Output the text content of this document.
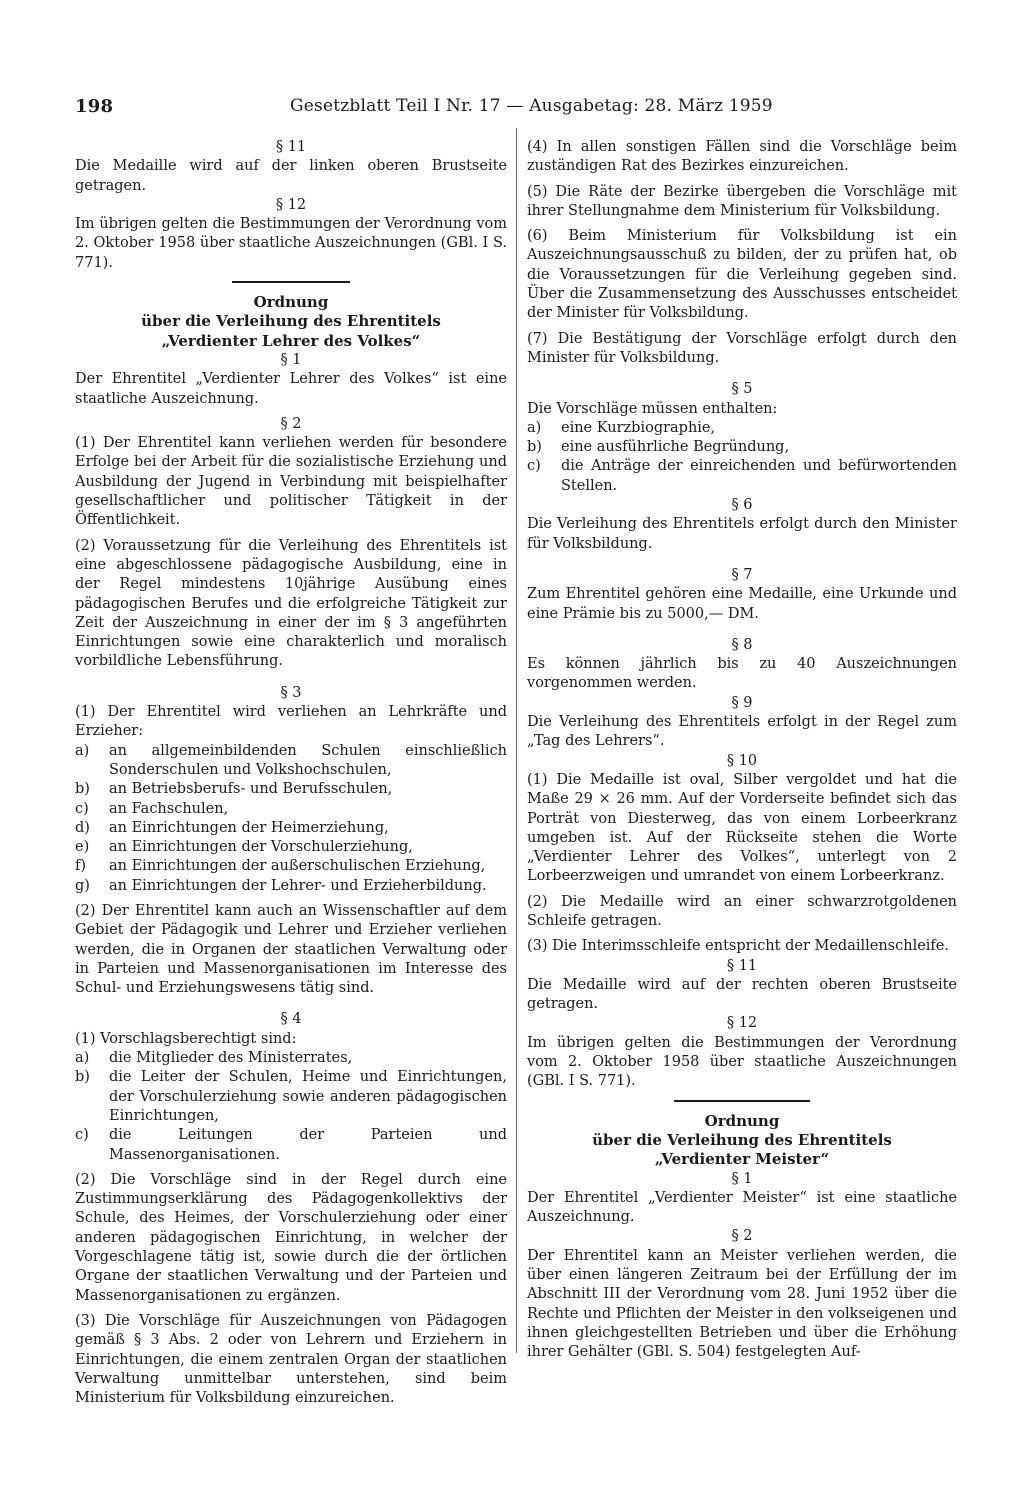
198	Gesetzblatt Teil I Nr. 17 — Ausgabetag: 28. März 1959

§ 11

Die Medaille wird auf der linken oberen Brustseite getragen.

§ 12

Im übrigen gelten die Bestimmungen der Verordnung vom 2. Oktober 1958 über staatliche Auszeichnungen (GBl. I S. 771).

Ordnung

über die Verleihung des Ehrentitels

„Verdienter Lehrer des Volkes“

§ 1

Der Ehrentitel „Verdienter Lehrer des Volkes“ ist eine staatliche Auszeichnung.

§ 2

(1) Der Ehrentitel kann verliehen werden für besondere Erfolge bei der Arbeit für die sozialistische Erziehung und Ausbildung der Jugend in Verbindung mit beispielhafter gesellschaftlicher und politischer Tätigkeit in der Öffentlichkeit.

(2) Voraussetzung für die Verleihung des Ehrentitels ist eine abgeschlossene pädagogische Ausbildung, eine in der Regel mindestens 10jährige Ausübung eines pädagogischen Berufes und die erfolgreiche Tätigkeit zur Zeit der Auszeichnung in einer der im § 3 angeführten Einrichtungen sowie eine charakterlich und moralisch vorbildliche Lebensführung.

§ 3

(1) Der Ehrentitel wird verliehen an Lehrkräfte und Erzieher:

a)	an allgemeinbildenden Schulen einschließlich Sonderschulen und Volkshochschulen,
b)	an Betriebsberufs- und Berufsschulen,
c)	an Fachschulen,
d)	an Einrichtungen der Heimerziehung,
e)	an Einrichtungen der Vorschulerziehung,
f)	an Einrichtungen der außerschulischen Erziehung,
g)	an Einrichtungen der Lehrer- und Erzieherbildung.

(2) Der Ehrentitel kann auch an Wissenschaftler auf dem Gebiet der Pädagogik und Lehrer und Erzieher verliehen werden, die in Organen der staatlichen Verwaltung oder in Parteien und Massenorganisationen im Interesse des Schul- und Erziehungswesens tätig sind.

§ 4

(1) Vorschlagsberechtigt sind:

a)	die Mitglieder des Ministerrates,
b)	die Leiter der Schulen, Heime und Einrichtungen, der Vorschulerziehung sowie anderen pädagogischen Einrichtungen,
c)	die Leitungen der Parteien und Massenorganisationen.

(2) Die Vorschläge sind in der Regel durch eine Zustimmungserklärung des Pädagogenkollektivs der Schule, des Heimes, der Vorschulerziehung oder einer anderen pädagogischen Einrichtung, in welcher der Vorgeschlagene tätig ist, sowie durch die der örtlichen Organe der staatlichen Verwaltung und der Parteien und Massenorganisationen zu ergänzen.

(3) Die Vorschläge für Auszeichnungen von Pädagogen gemäß § 3 Abs. 2 oder von Lehrern und Erziehern in Einrichtungen, die einem zentralen Organ der staatlichen Verwaltung unmittelbar unterstehen, sind beim Ministerium für Volksbildung einzureichen.

(4) In allen sonstigen Fällen sind die Vorschläge beim zuständigen Rat des Bezirkes einzureichen.

(5) Die Räte der Bezirke übergeben die Vorschläge mit ihrer Stellungnahme dem Ministerium für Volksbildung.

(6) Beim Ministerium für Volksbildung ist ein Auszeichnungsausschuß zu bilden, der zu prüfen hat, ob die Voraussetzungen für die Verleihung gegeben sind. Über die Zusammensetzung des Ausschusses entscheidet der Minister für Volksbildung.

(7) Die Bestätigung der Vorschläge erfolgt durch den Minister für Volksbildung.

§ 5

Die Vorschläge müssen enthalten:

a)	eine Kurzbiographie,
b)	eine ausführliche Begründung,
c)	die Anträge der einreichenden und befürwortenden Stellen.

§ 6

Die Verleihung des Ehrentitels erfolgt durch den Minister für Volksbildung.

§ 7

Zum Ehrentitel gehören eine Medaille, eine Urkunde und eine Prämie bis zu 5000,— DM.

§ 8

Es können jährlich bis zu 40 Auszeichnungen vorgenommen werden.

§ 9

Die Verleihung des Ehrentitels erfolgt in der Regel zum „Tag des Lehrers“.

§ 10

(1) Die Medaille ist oval, Silber vergoldet und hat die Maße 29 × 26 mm. Auf der Vorderseite befindet sich das Porträt von Diesterweg, das von einem Lorbeerkranz umgeben ist. Auf der Rückseite stehen die Worte „Verdienter Lehrer des Volkes“, unterlegt von 2 Lorbeerzweigen und umrandet von einem Lorbeerkranz.

(2) Die Medaille wird an einer schwarzrotgoldenen Schleife getragen.

(3) Die Interimsschleife entspricht der Medaillenschleife.

§ 11

Die Medaille wird auf der rechten oberen Brustseite getragen.

§ 12

Im übrigen gelten die Bestimmungen der Verordnung vom 2. Oktober 1958 über staatliche Auszeichnungen (GBl. I S. 771).

Ordnung

über die Verleihung des Ehrentitels

„Verdienter Meister“

§ 1

Der Ehrentitel „Verdienter Meister“ ist eine staatliche Auszeichnung.

§ 2

Der Ehrentitel kann an Meister verliehen werden, die über einen längeren Zeitraum bei der Erfüllung der im Abschnitt III der Verordnung vom 28. Juni 1952 über die Rechte und Pflichten der Meister in den volkseigenen und ihnen gleichgestellten Betrieben und über die Erhöhung ihrer Gehälter (GBl. S. 504) festgelegten Auf-
